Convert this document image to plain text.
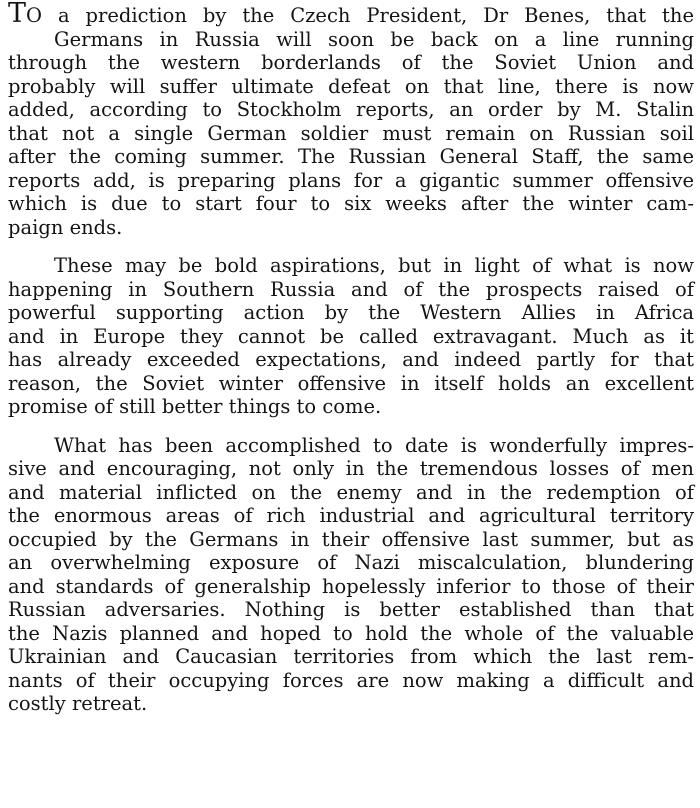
TO a prediction by the Czech President, Dr Benes, that the
Germans in Russia will soon be back on a line running
through the western borderlands of the Soviet Union and
probably will suffer ultimate defeat on that line, there is now
added, according to Stockholm reports, an order by M. Stalin
that not a single German soldier must remain on Russian soil
after the coming summer. The Russian General Staff, the same
reports add, is preparing plans for a gigantic summer offensive
which is due to start four to six weeks after the winter cam-
paign ends.

These may be bold aspirations, but in light of what is now
happening in Southern Russia and of the prospects raised of
powerful supporting action by the Western Allies in Africa
and in Europe they cannot be called extravagant. Much as it
has already exceeded expectations, and indeed partly for that
reason, the Soviet winter offensive in itself holds an excellent
promise of still better things to come.

What has been accomplished to date is wonderfully impres-
sive and encouraging, not only in the tremendous losses of men
and material inflicted on the enemy and in the redemption of
the enormous areas of rich industrial and agricultural territory
occupied by the Germans in their offensive last summer, but as
an overwhelming exposure of Nazi miscalculation, blundering
and standards of generalship hopelessly inferior to those of their
Russian adversaries. Nothing is better established than that
the Nazis planned and hoped to hold the whole of the valuable
Ukrainian and Caucasian territories from which the last rem-
nants of their occupying forces are now making a difficult and
costly retreat.
